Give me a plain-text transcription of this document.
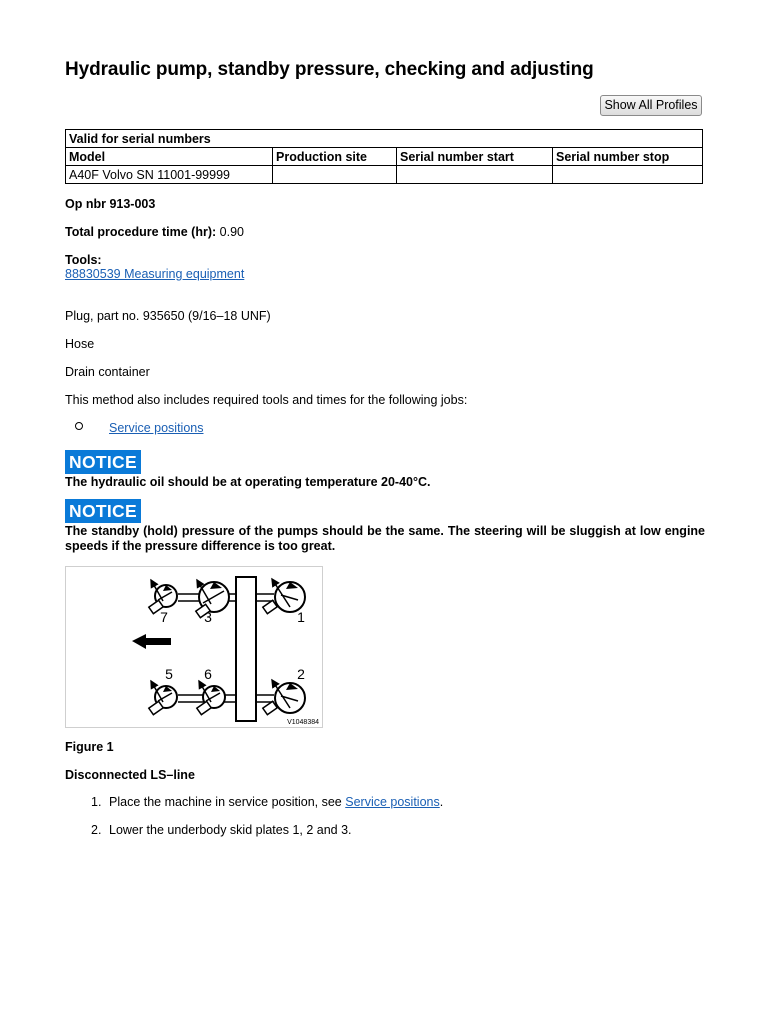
Hydraulic pump, standby pressure, checking and adjusting
Show All Profiles
Valid for serial numbers			
Model	Production site	Serial number start	Serial number stop
A40F Volvo SN 11001-99999			

Op nbr 913-003

Total procedure time (hr): 0.90

Tools:

88830539 Measuring equipment

Plug, part no. 935650 (9/16–18 UNF)

Hose

Drain container

This method also includes required tools and times for the following jobs:

Service positions

NOTICE

The hydraulic oil should be at operating temperature 20-40°C.

NOTICE

The standby (hold) pressure of the pumps should be the same. The steering will be sluggish at low engine speeds if the pressure difference is too great.

7	3	1
5 6	2
V1048384

Figure 1

Disconnected LS–line

1. Place the machine in service position, see Service positions.
2. Lower the underbody skid plates 1, 2 and 3.
